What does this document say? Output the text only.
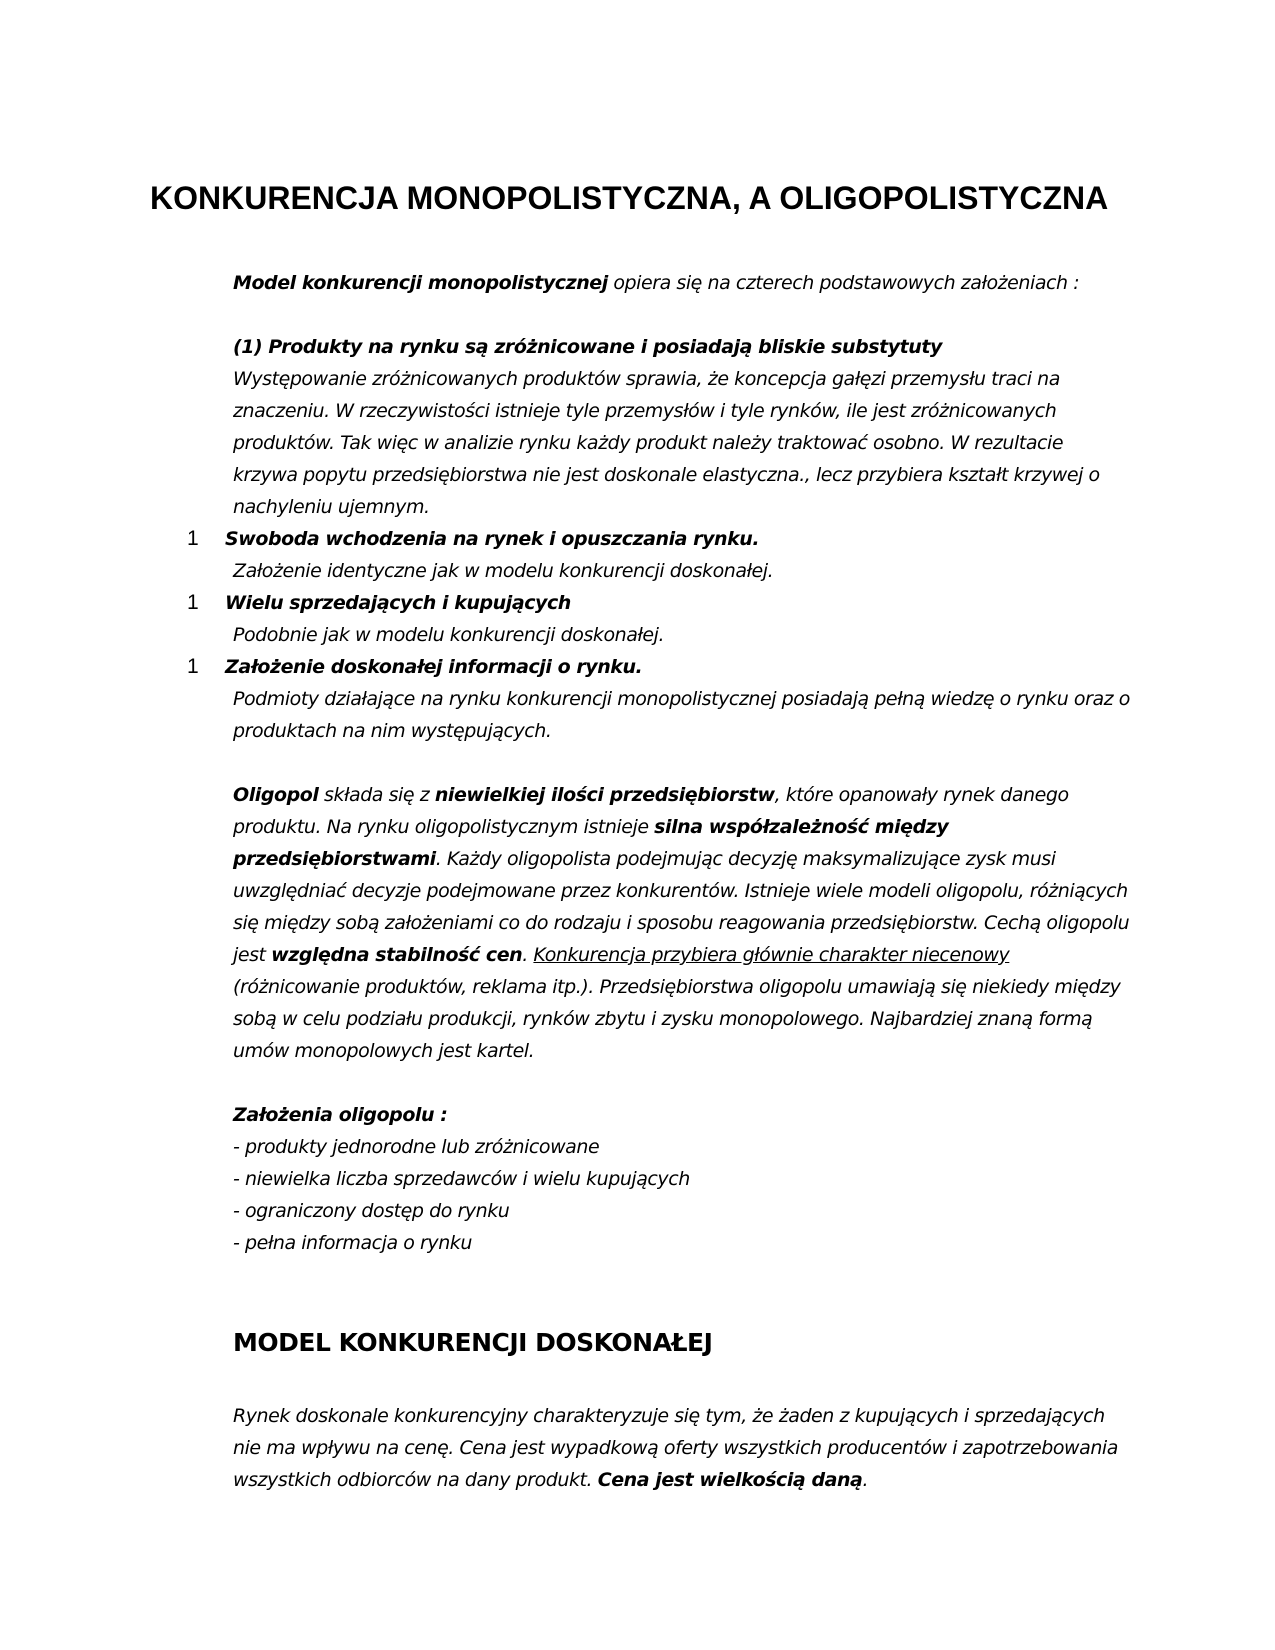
KONKURENCJA MONOPOLISTYCZNA, A OLIGOPOLISTYCZNA

Model konkurencji monopolistycznej opiera się na czterech podstawowych założeniach :

(1) Produkty na rynku są zróżnicowane i posiadają bliskie substytuty

Występowanie zróżnicowanych produktów sprawia, że koncepcja gałęzi przemysłu traci na znaczeniu. W rzeczywistości istnieje tyle przemysłów i tyle rynków, ile jest zróżnicowanych produktów. Tak więc w analizie rynku każdy produkt należy traktować osobno. W rezultacie krzywa popytu przedsiębiorstwa nie jest doskonale elastyczna., lecz przybiera kształt krzywej o nachyleniu ujemnym.

1 Swoboda wchodzenia na rynek i opuszczania rynku.
Założenie identyczne jak w modelu konkurencji doskonałej.
1 Wielu sprzedających i kupujących
Podobnie jak w modelu konkurencji doskonałej.
1 Założenie doskonałej informacji o rynku.
Podmioty działające na rynku konkurencji monopolistycznej posiadają pełną wiedzę o rynku oraz o produktach na nim występujących.

Oligopol składa się z niewielkiej ilości przedsiębiorstw, które opanowały rynek danego produktu. Na rynku oligopolistycznym istnieje silna współzależność między przedsiębiorstwami. Każdy oligopolista podejmując decyzję maksymalizujące zysk musi uwzględniać decyzje podejmowane przez konkurentów. Istnieje wiele modeli oligopolu, różniących się między sobą założeniami co do rodzaju i sposobu reagowania przedsiębiorstw. Cechą oligopolu jest względna stabilność cen. Konkurencja przybiera głównie charakter niecenowy (różnicowanie produktów, reklama itp.). Przedsiębiorstwa oligopolu umawiają się niekiedy między sobą w celu podziału produkcji, rynków zbytu i zysku monopolowego. Najbardziej znaną formą umów monopolowych jest kartel.

Założenia oligopolu :

- produkty jednorodne lub zróżnicowane

- niewielka liczba sprzedawców i wielu kupujących

- ograniczony dostęp do rynku

- pełna informacja o rynku

MODEL KONKURENCJI DOSKONAŁEJ

Rynek doskonale konkurencyjny charakteryzuje się tym, że żaden z kupujących i sprzedających nie ma wpływu na cenę. Cena jest wypadkową oferty wszystkich producentów i zapotrzebowania wszystkich odbiorców na dany produkt. Cena jest wielkością daną.
